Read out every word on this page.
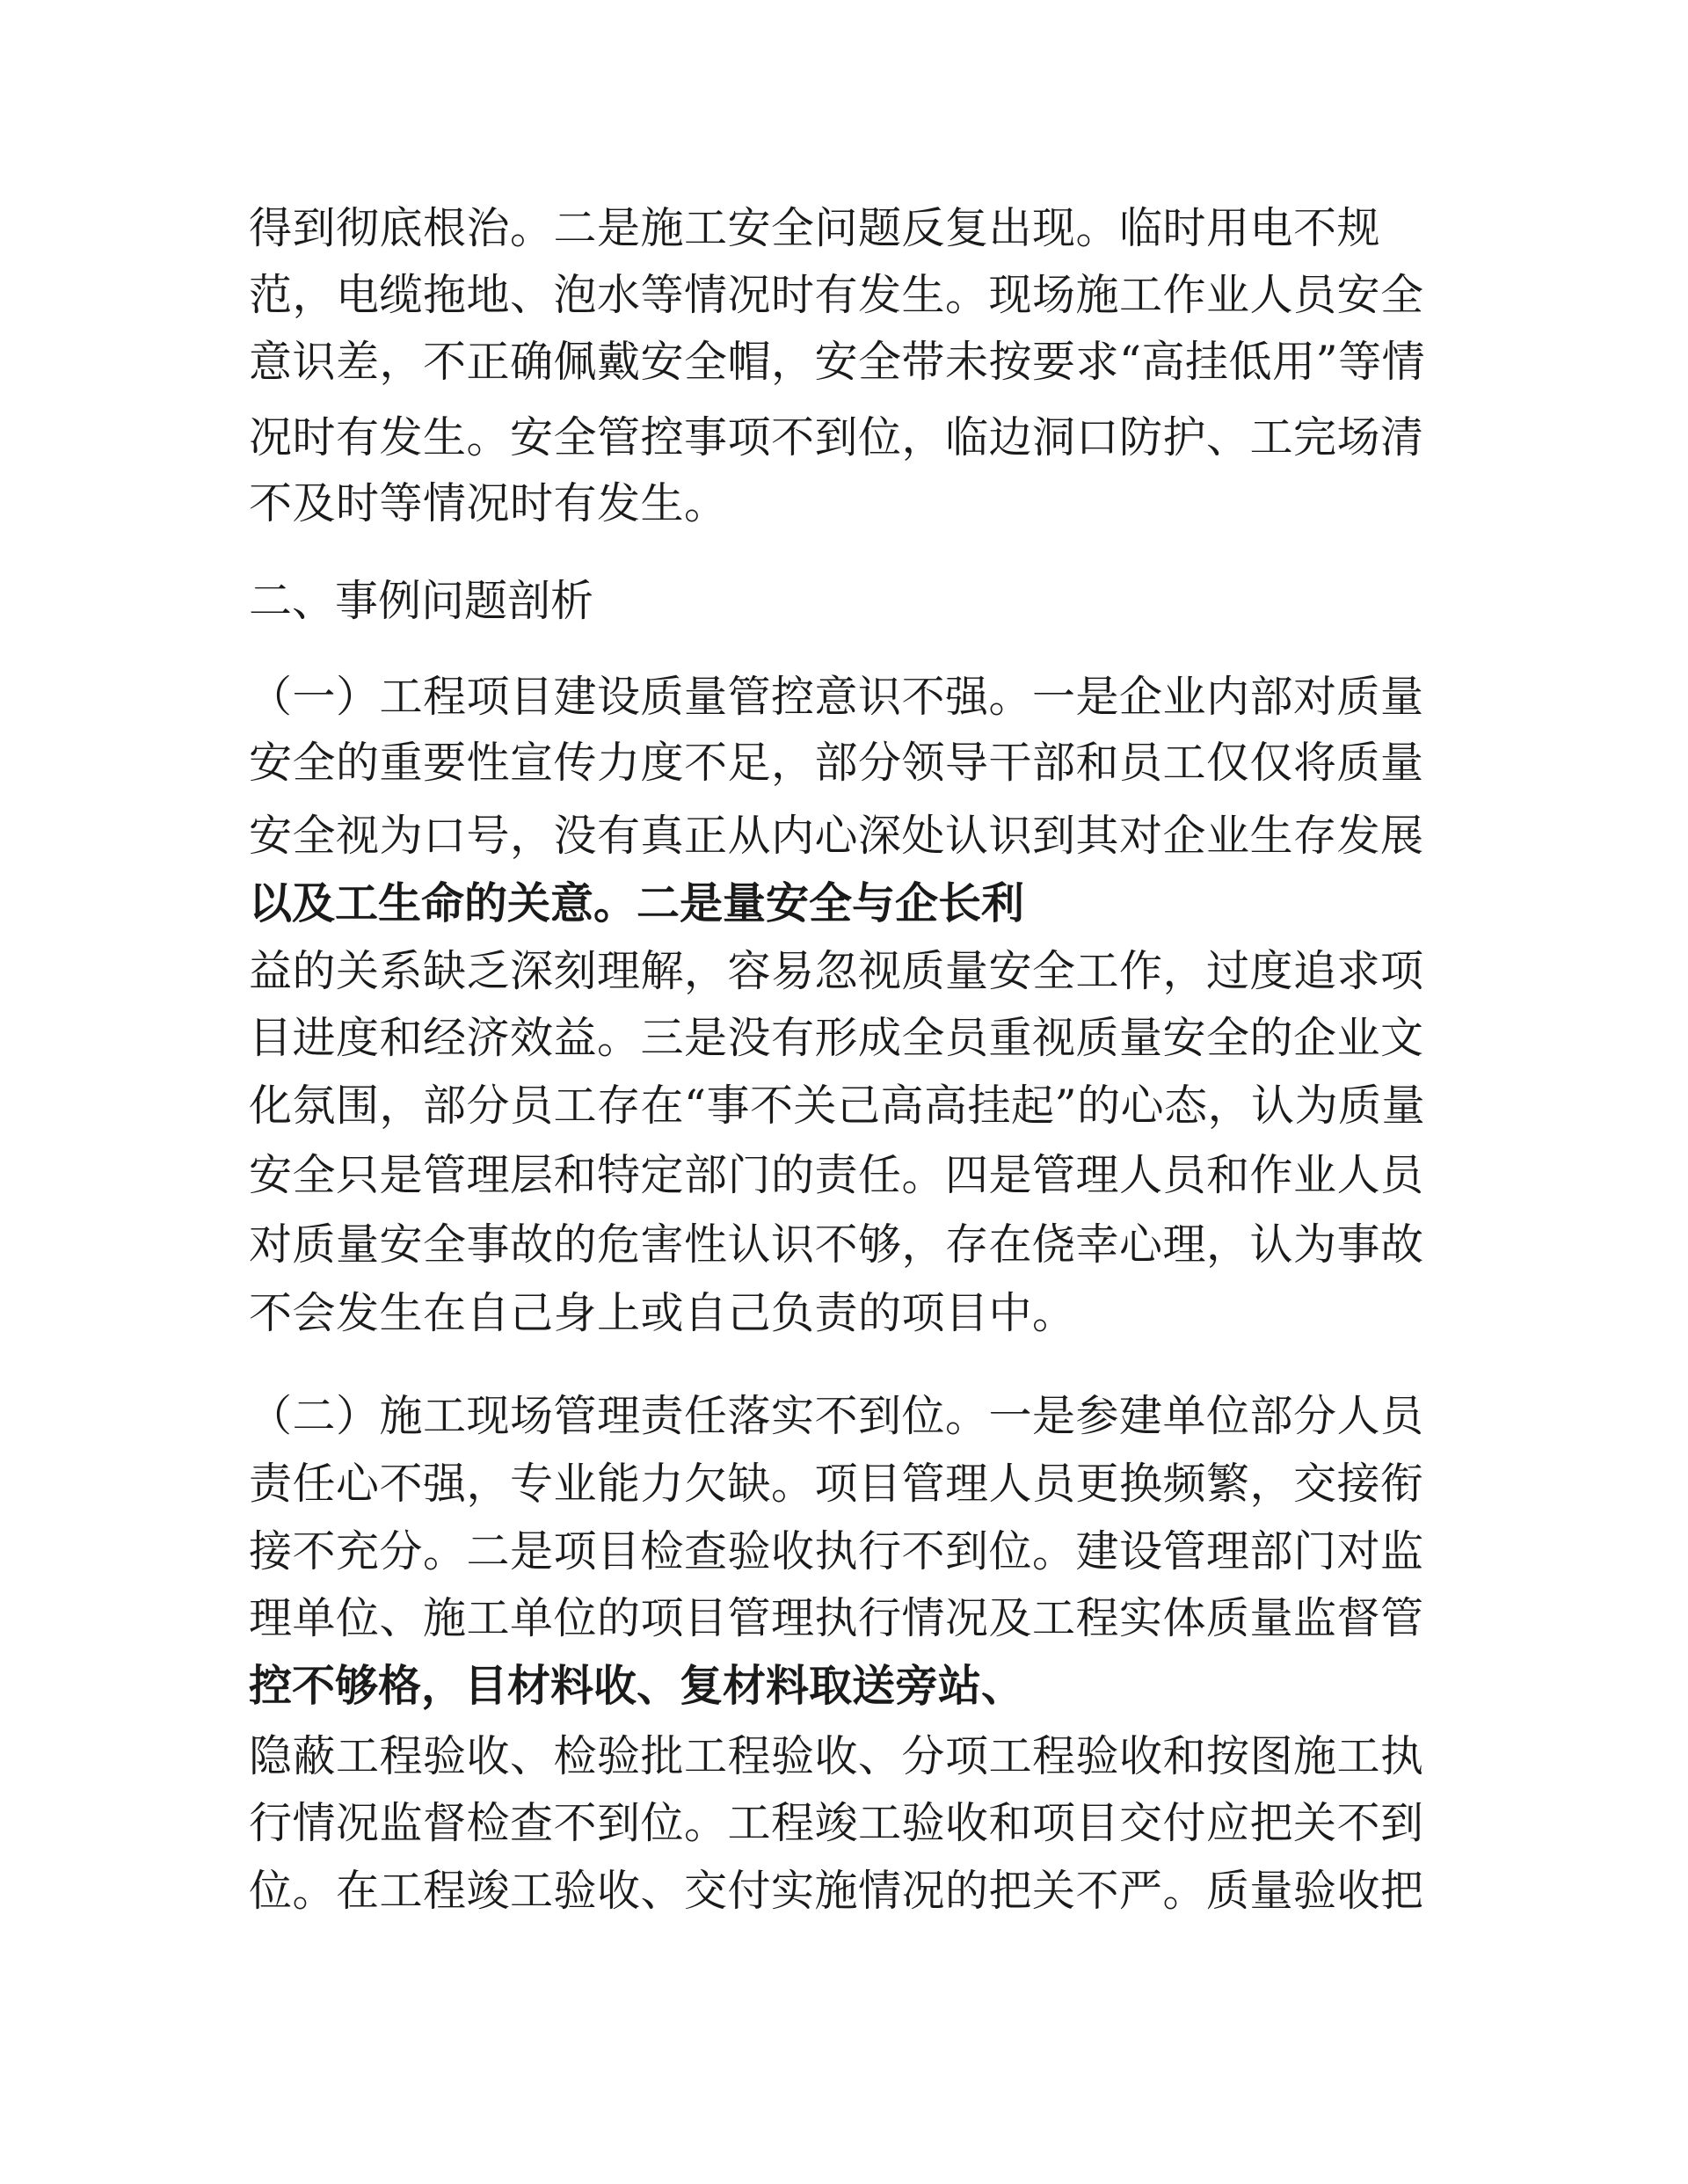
得到彻底根治。二是施工安全问题反复出现。临时用电不规
范，电缆拖地、泡水等情况时有发生。现场施工作业人员安全
意识差，不正确佩戴安全帽，安全带未按要求“高挂低用”等情
况时有发生。安全管控事项不到位，临边洞口防护、工完场清
不及时等情况时有发生。
二、事例问题剖析
（一）工程项目建设质量管控意识不强。一是企业内部对质量
安全的重要性宣传力度不足，部分领导干部和员工仅仅将质量
安全视为口号，没有真正从内心深处认识到其对企业生存发展
以及工生命的关意。二是量安全与企长利
益的关系缺乏深刻理解，容易忽视质量安全工作，过度追求项
目进度和经济效益。三是没有形成全员重视质量安全的企业文
化氛围，部分员工存在“事不关己高高挂起”的心态，认为质量
安全只是管理层和特定部门的责任。四是管理人员和作业人员
对质量安全事故的危害性认识不够，存在侥幸心理，认为事故
不会发生在自己身上或自己负责的项目中。
（二）施工现场管理责任落实不到位。一是参建单位部分人员
责任心不强，专业能力欠缺。项目管理人员更换频繁，交接衔
接不充分。二是项目检查验收执行不到位。建设管理部门对监
理单位、施工单位的项目管理执行情况及工程实体质量监督管
控不够格，目材料收、复材料取送旁站、
隐蔽工程验收、检验批工程验收、分项工程验收和按图施工执
行情况监督检查不到位。工程竣工验收和项目交付应把关不到
位。在工程竣工验收、交付实施情况的把关不严。质量验收把
